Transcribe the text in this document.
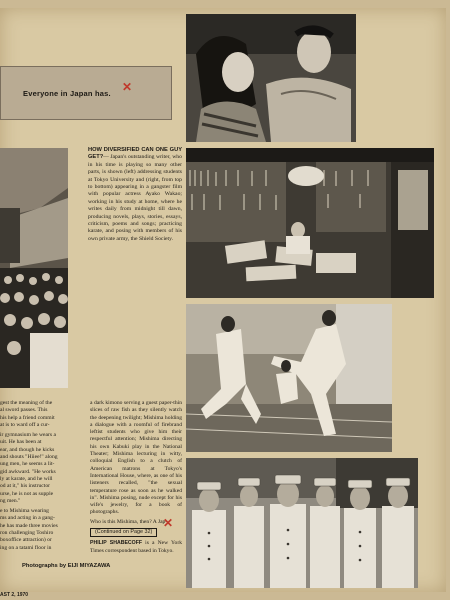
Everyone in Japan has. ✕
HOW DIVERSIFIED CAN ONE GUY GET?— Japan's outstanding writer, who in his time is playing so many other parts, is shown (left) addressing students at Tokyo University and (right, from top to bottom) appearing in a gangster film with popular actress Ayako Wakao; working in his study at home, where he writes daily from midnight till dawn, producing novels, plays, stories, essays, criticism, poems and songs; practicing karate, and posing with members of his own private army, the Shield Society.
gest the meaning of the
al sword passes. This
his help a friend commit
at is to ward off a cur-
ir gymnasium he wears a
uit. He has been at
ear, and though he kicks
and shouts "Hiiee!" along
ung men, he seems a lit-
gid awkward. "He works
ly at karate, and he will
od at it," his instructor
urse, he is not as supple
ng men."
e to Mishima wearing
ms and acting in a gang-
he has made three movies
ron challenging Toshiro
boxoffice attraction) or
ing on a tatami floor in
a dark kimono serving a guest paper-thin slices of raw fish as they silently watch the deepening twilight; Mishima holding a dialogue with a roomful of firebrand leftist students who give him their respectful attention; Mishima directing his own Kabuki play in the National Theater; Mishima lecturing in witty, colloquial English to a clutch of American matrons at Tokyo's International House, where, as one of his listeners recalled, "the sexual temperature rose as soon as he walked in". Mishima posing, nude except for his wife's jewelry, for a book of photographs.
Who is this Mishima, then? A Jap-
(Continued on Page 32)
PHILIP SHABECOFF is a New York Times correspondent based in Tokyo.
✕
Photographs by EIJI MIYAZAWA
AST 2, 1970
